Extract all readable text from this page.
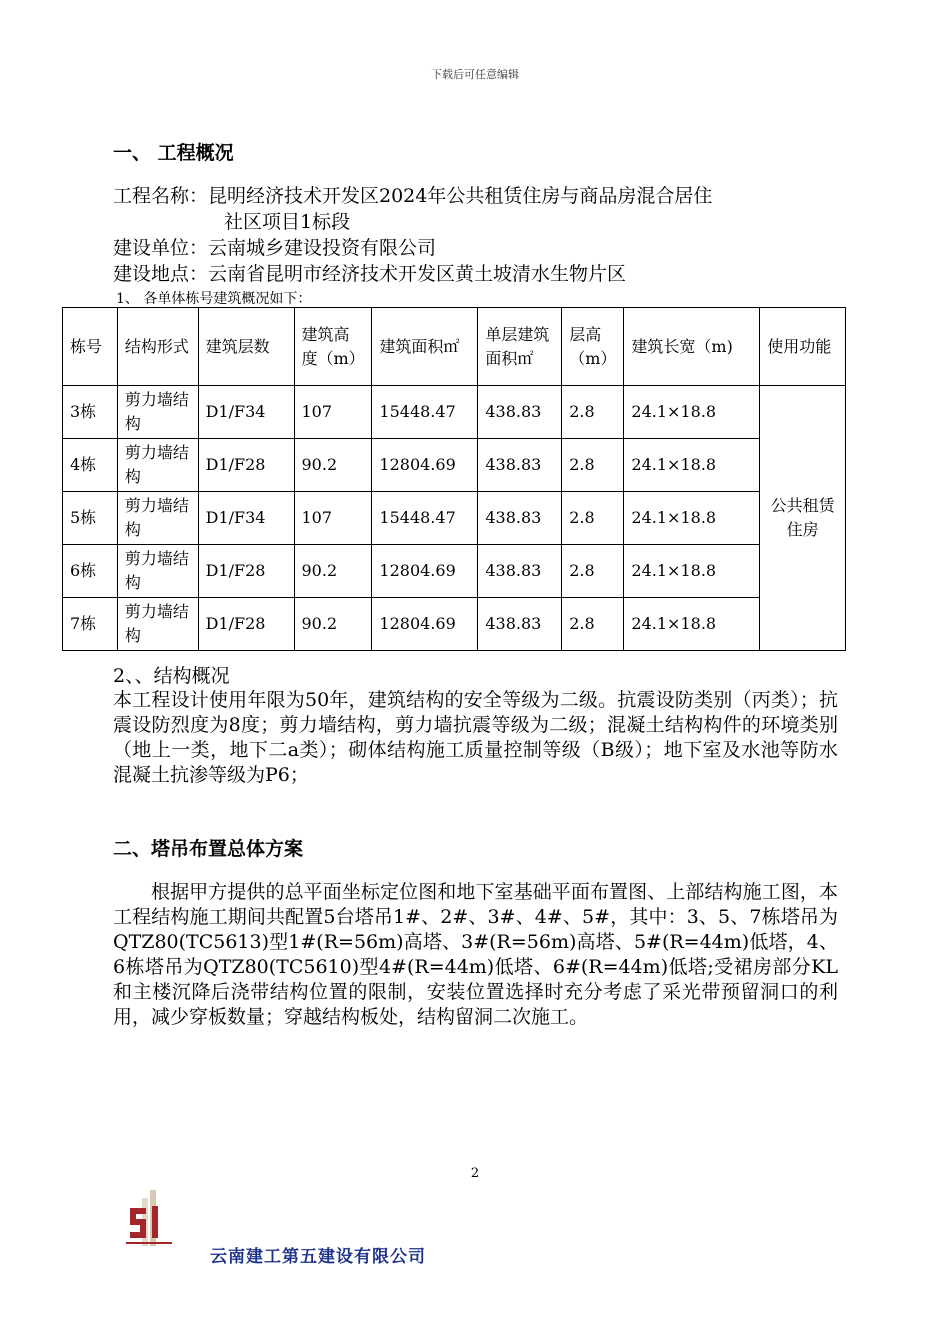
下载后可任意编辑
一、 工程概况
工程名称：昆明经济技术开发区2024年公共租赁住房与商品房混合居住
社区项目1标段
建设单位：云南城乡建设投资有限公司
建设地点：云南省昆明市经济技术开发区黄土坡清水生物片区
1、 各单体栋号建筑概况如下：
栋号	结构形式	建筑层数	建筑高度（m）	建筑面积㎡	单层建筑面积㎡	层高（m）	建筑长宽（m)	使用功能
3栋	剪力墙结构	D1/F34	107	15448.47	438.83	2.8	24.1×18.8	公共租赁住房
4栋	剪力墙结构	D1/F28	90.2	12804.69	438.83	2.8	24.1×18.8	
5栋	剪力墙结构	D1/F34	107	15448.47	438.83	2.8	24.1×18.8	
6栋	剪力墙结构	D1/F28	90.2	12804.69	438.83	2.8	24.1×18.8	
7栋	剪力墙结构	D1/F28	90.2	12804.69	438.83	2.8	24.1×18.8	
2、、结构概况
本工程设计使用年限为50年，建筑结构的安全等级为二级。抗震设防类别（丙类）；抗震设防烈度为8度；剪力墙结构，剪力墙抗震等级为二级；混凝土结构构件的环境类别（地上一类，地下二a类）；砌体结构施工质量控制等级（B级）；地下室及水池等防水混凝土抗渗等级为P6；
二、塔吊布置总体方案
根据甲方提供的总平面坐标定位图和地下室基础平面布置图、上部结构施工图，本工程结构施工期间共配置5台塔吊1#、2#、3#、4#、5#，其中：3、5、7栋塔吊为QTZ80(TC5613)型1#(R=56m)高塔、3#(R=56m)高塔、5#(R=44m)低塔，4、6栋塔吊为QTZ80(TC5610)型4#(R=44m)低塔、6#(R=44m)低塔;受裙房部分KL和主楼沉降后浇带结构位置的限制，安装位置选择时充分考虑了采光带预留洞口的利用，减少穿板数量；穿越结构板处，结构留洞二次施工。
2
云南建工第五建设有限公司
